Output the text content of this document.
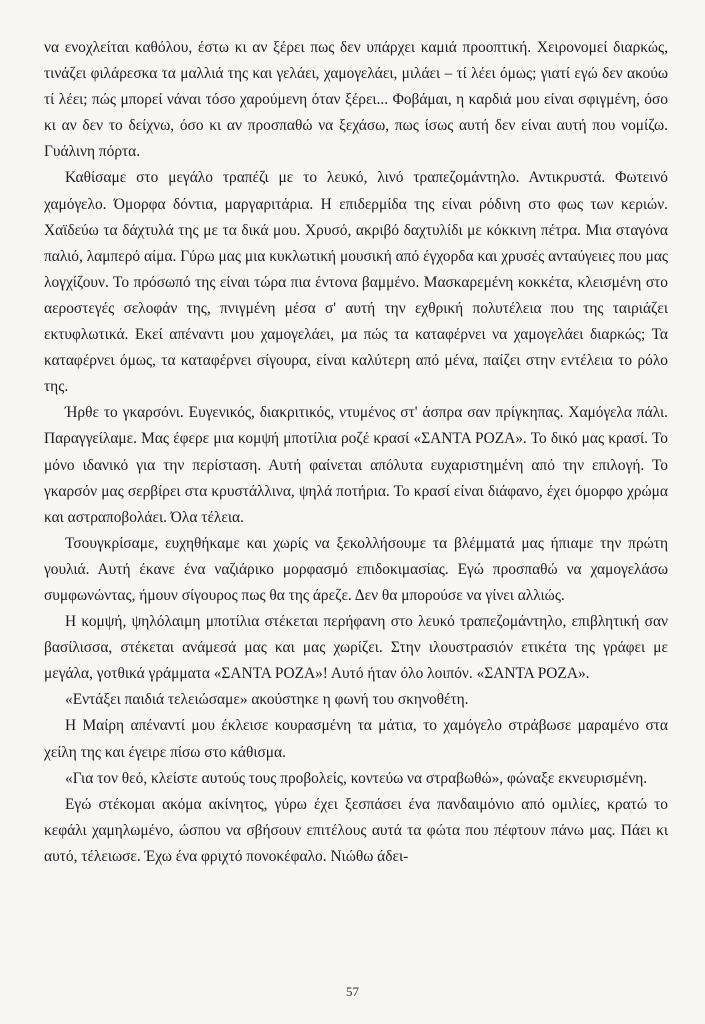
να ενοχλείται καθόλου, έστω κι αν ξέρει πως δεν υπάρχει καμιά προοπτική. Χειρονομεί διαρκώς, τινάζει φιλάρεσκα τα μαλλιά της και γελάει, χαμογελάει, μιλάει – τί λέει όμως; γιατί εγώ δεν ακούω τί λέει; πώς μπορεί νάναι τόσο χαρούμενη όταν ξέρει... Φοβάμαι, η καρδιά μου είναι σφιγμένη, όσο κι αν δεν το δείχνω, όσο κι αν προσπαθώ να ξεχάσω, πως ίσως αυτή δεν είναι αυτή που νομίζω. Γυάλινη πόρτα.

Καθίσαμε στο μεγάλο τραπέζι με το λευκό, λινό τραπεζομάντηλο. Αντικρυστά. Φωτεινό χαμόγελο. Όμορφα δόντια, μαργαριτάρια. Η επιδερμίδα της είναι ρόδινη στο φως των κεριών. Χαϊδεύω τα δάχτυλά της με τα δικά μου. Χρυσό, ακριβό δαχτυλίδι με κόκκινη πέτρα. Μια σταγόνα παλιό, λαμπερό αίμα. Γύρω μας μια κυκλωτική μουσική από έγχορδα και χρυσές ανταύγειες που μας λογχίζουν. Το πρόσωπό της είναι τώρα πια έντονα βαμμένο. Μασκαρεμένη κοκκέτα, κλεισμένη στο αεροστεγές σελοφάν της, πνιγμένη μέσα σ' αυτή την εχθρική πολυτέλεια που της ταιριάζει εκτυφλωτικά. Εκεί απέναντι μου χαμογελάει, μα πώς τα καταφέρνει να χαμογελάει διαρκώς; Τα καταφέρνει όμως, τα καταφέρνει σίγουρα, είναι καλύτερη από μένα, παίζει στην εντέλεια το ρόλο της.

Ήρθε το γκαρσόνι. Ευγενικός, διακριτικός, ντυμένος στ' άσπρα σαν πρίγκηπας. Χαμόγελα πάλι. Παραγγείλαμε. Μας έφερε μια κομψή μποτίλια ροζέ κρασί «ΣΑΝΤΑ ΡΟΖΑ». Το δικό μας κρασί. Το μόνο ιδανικό για την περίσταση. Αυτή φαίνεται απόλυτα ευχαριστημένη από την επιλογή. Το γκαρσόν μας σερβίρει στα κρυστάλλινα, ψηλά ποτήρια. Το κρασί είναι διάφανο, έχει όμορφο χρώμα και αστραποβολάει. Όλα τέλεια.

Τσουγκρίσαμε, ευχηθήκαμε και χωρίς να ξεκολλήσουμε τα βλέμματά μας ήπιαμε την πρώτη γουλιά. Αυτή έκανε ένα ναζιάρικο μορφασμό επιδοκιμασίας. Εγώ προσπαθώ να χαμογελάσω συμφωνώντας, ήμουν σίγουρος πως θα της άρεζε. Δεν θα μπορούσε να γίνει αλλιώς.

Η κομψή, ψηλόλαιμη μποτίλια στέκεται περήφανη στο λευκό τραπεζομάντηλο, επιβλητική σαν βασίλισσα, στέκεται ανάμεσά μας και μας χωρίζει. Στην ιλουστρασιόν ετικέτα της γράφει με μεγάλα, γοτθικά γράμματα «ΣΑΝΤΑ ΡΟΖΑ»! Αυτό ήταν όλο λοιπόν. «ΣΑΝΤΑ ΡΟΖΑ».

«Εντάξει παιδιά τελειώσαμε» ακούστηκε η φωνή του σκηνοθέτη.

Η Μαίρη απέναντί μου έκλεισε κουρασμένη τα μάτια, το χαμόγελο στράβωσε μαραμένο στα χείλη της και έγειρε πίσω στο κάθισμα.

«Για τον θεό, κλείστε αυτούς τους προβολείς, κοντεύω να στραβωθώ», φώναξε εκνευρισμένη.

Εγώ στέκομαι ακόμα ακίνητος, γύρω έχει ξεσπάσει ένα πανδαιμόνιο από ομιλίες, κρατώ το κεφάλι χαμηλωμένο, ώσπου να σβήσουν επιτέλους αυτά τα φώτα που πέφτουν πάνω μας. Πάει κι αυτό, τέλειωσε. Έχω ένα φριχτό πονοκέφαλο. Νιώθω άδει-

57
